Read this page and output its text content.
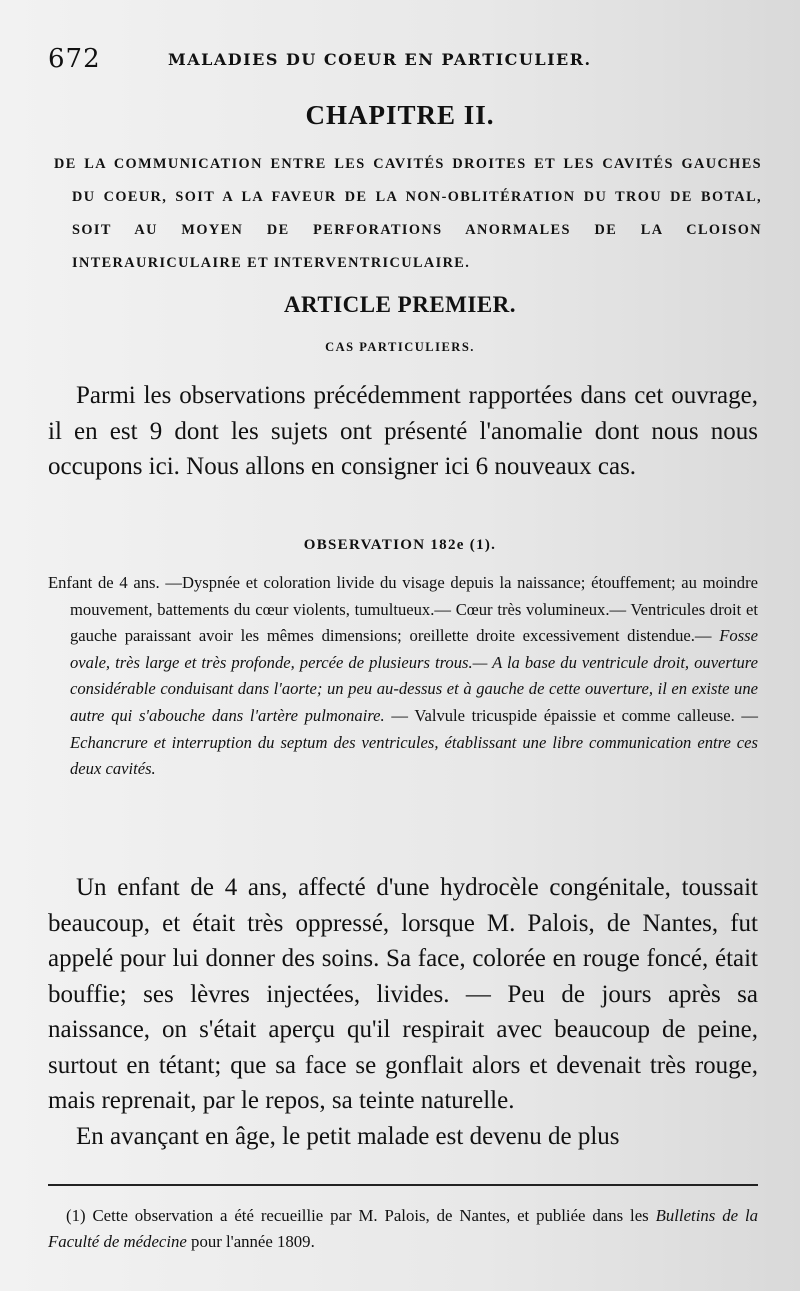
672	MALADIES DU COEUR EN PARTICULIER.
CHAPITRE II.
DE LA COMMUNICATION ENTRE LES CAVITÉS DROITES ET LES CAVITÉS GAUCHES DU COEUR, SOIT A LA FAVEUR DE LA NON-OBLITÉRATION DU TROU DE BOTAL, SOIT AU MOYEN DE PERFORATIONS ANORMALES DE LA CLOISON INTERAURICULAIRE ET INTERVENTRICULAIRE.
ARTICLE PREMIER.
CAS PARTICULIERS.

Parmi les observations précédemment rapportées dans cet ouvrage, il en est 9 dont les sujets ont présenté l'anomalie dont nous nous occupons ici. Nous allons en consigner ici 6 nouveaux cas.

OBSERVATION 182e (1).

Enfant de 4 ans. —Dyspnée et coloration livide du visage depuis la naissance; étouffement; au moindre mouvement, battements du cœur violents, tumultueux.— Cœur très volumineux.— Ventricules droit et gauche paraissant avoir les mêmes dimensions; oreillette droite excessivement distendue.— Fosse ovale, très large et très profonde, percée de plusieurs trous.— A la base du ventricule droit, ouverture considérable conduisant dans l'aorte; un peu au-dessus et à gauche de cette ouverture, il en existe une autre qui s'abouche dans l'artère pulmonaire. — Valvule tricuspide épaissie et comme calleuse. — Echancrure et interruption du septum des ventricules, établissant une libre communication entre ces deux cavités.

Un enfant de 4 ans, affecté d'une hydrocèle congénitale, toussait beaucoup, et était très oppressé, lorsque M. Palois, de Nantes, fut appelé pour lui donner des soins. Sa face, colorée en rouge foncé, était bouffie; ses lèvres injectées, livides. — Peu de jours après sa naissance, on s'était aperçu qu'il respirait avec beaucoup de peine, surtout en tétant; que sa face se gonflait alors et devenait très rouge, mais reprenait, par le repos, sa teinte naturelle.

En avançant en âge, le petit malade est devenu de plus

(1) Cette observation a été recueillie par M. Palois, de Nantes, et publiée dans les Bulletins de la Faculté de médecine pour l'année 1809.
